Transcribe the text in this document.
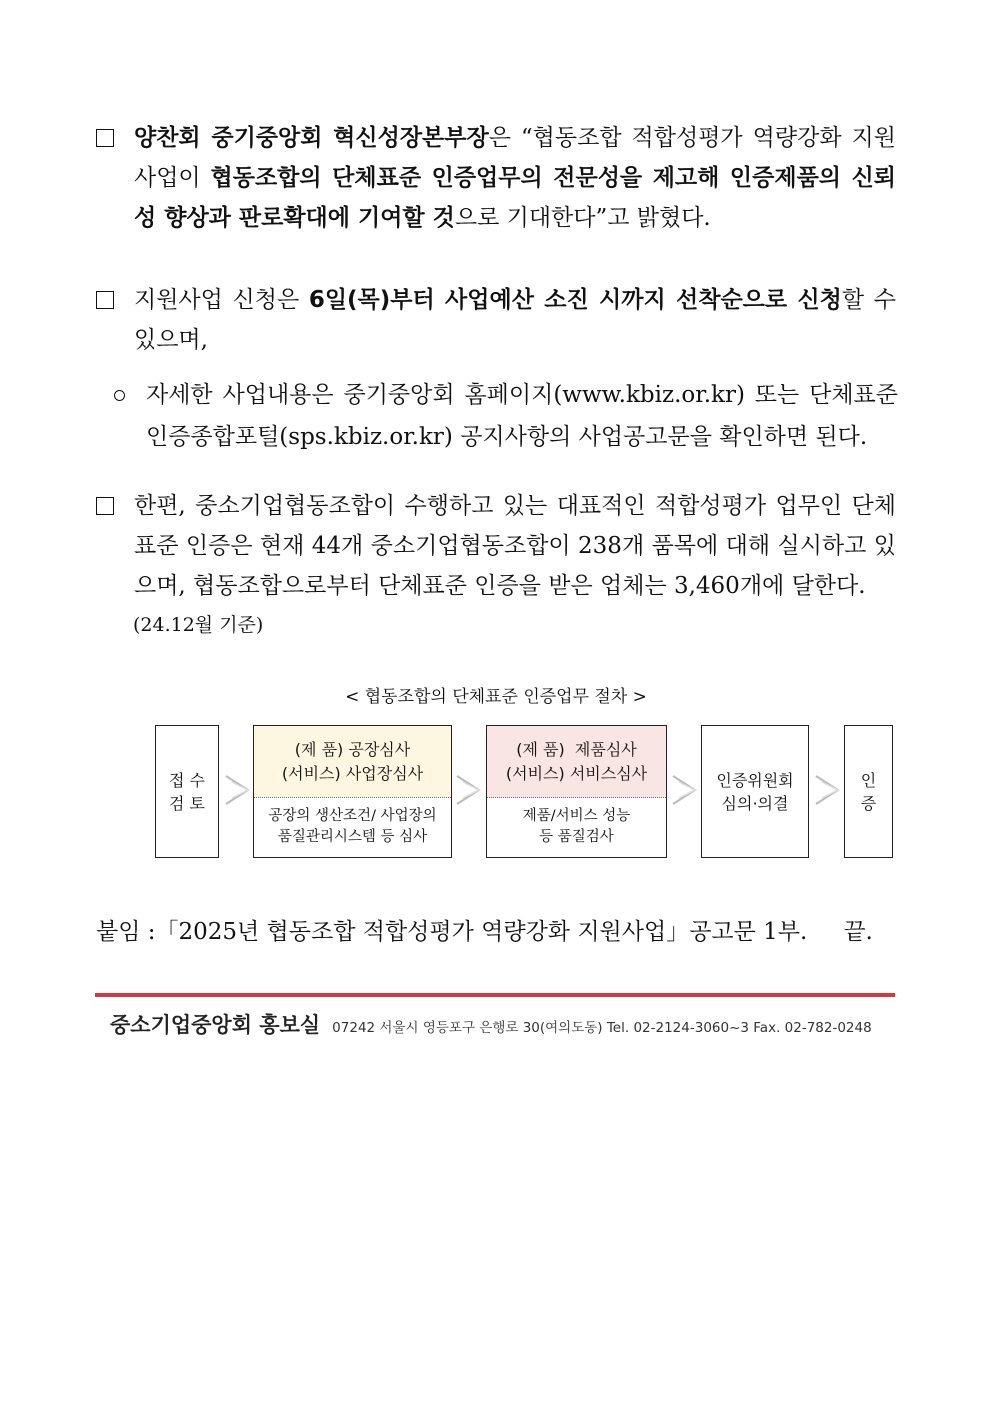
양찬회 중기중앙회 혁신성장본부장은 “협동조합 적합성평가 역량강화 지원사업이 협동조합의 단체표준 인증업무의 전문성을 제고해 인증제품의 신뢰성 향상과 판로확대에 기여할 것으로 기대한다”고 밝혔다.
지원사업 신청은 6일(목)부터 사업예산 소진 시까지 선착순으로 신청할 수 있으며,
자세한 사업내용은 중기중앙회 홈페이지(www.kbiz.or.kr) 또는 단체표준 인증종합포털(sps.kbiz.or.kr) 공지사항의 사업공고문을 확인하면 된다.
한편, 중소기업협동조합이 수행하고 있는 대표적인 적합성평가 업무인 단체표준 인증은 현재 44개 중소기업협동조합이 238개 품목에 대해 실시하고 있으며, 협동조합으로부터 단체표준 인증을 받은 업체는 3,460개에 달한다.
(24.12월 기준)
< 협동조합의 단체표준 인증업무 절차 >
접 수
검 토
(제 품) 공장심사
(서비스) 사업장심사
공장의 생산조건/ 사업장의
품질관리시스템 등 심사
(제 품)  제품심사
(서비스) 서비스심사
제품/서비스 성능
등 품질검사
인증위원회
심의·의결
인
증
붙임 :「2025년 협동조합 적합성평가 역량강화 지원사업」공고문 1부. 끝.
중소기업중앙회 홍보실 07242 서울시 영등포구 은행로 30(여의도동) Tel. 02-2124-3060~3 Fax. 02-782-0248
